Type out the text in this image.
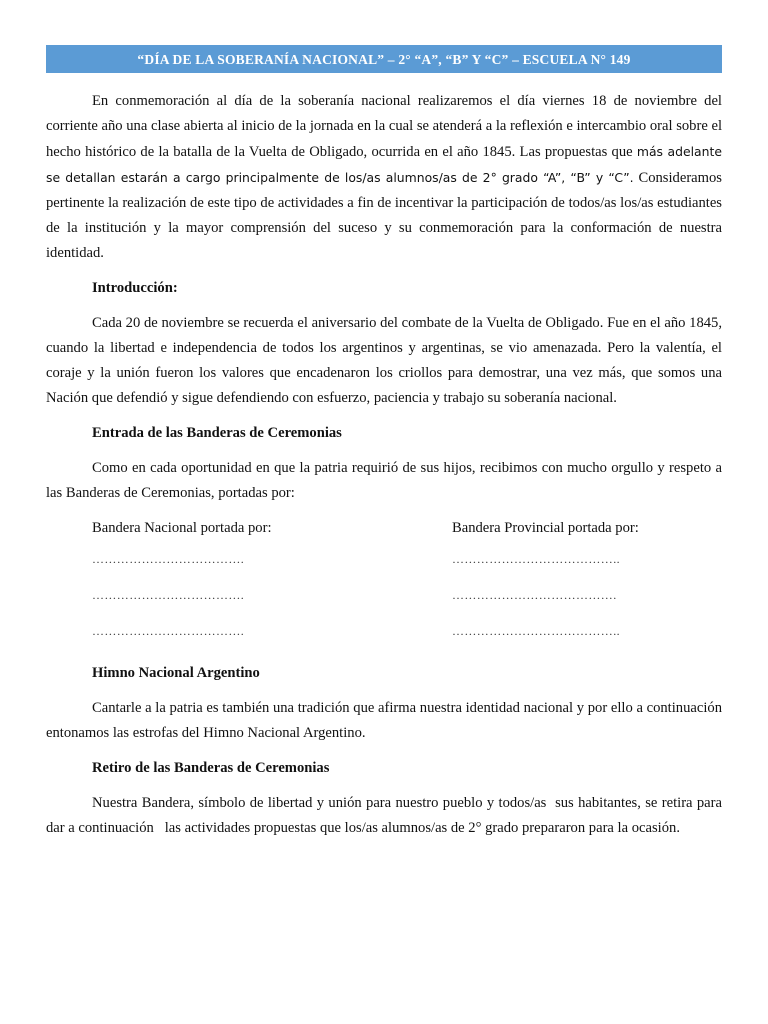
“DÍA DE LA SOBERANÍA NACIONAL” – 2° “A”, “B” Y “C” – ESCUELA N° 149

En conmemoración al día de la soberanía nacional realizaremos el día viernes 18 de noviembre del corriente año una clase abierta al inicio de la jornada en la cual se atenderá a la reflexión e intercambio oral sobre el hecho histórico de la batalla de la Vuelta de Obligado, ocurrida en el año 1845. Las propuestas que más adelante se detallan estarán a cargo principalmente de los/as alumnos/as de 2° grado “A”, “B” y “C”. Consideramos pertinente la realización de este tipo de actividades a fin de incentivar la participación de todos/as los/as estudiantes de la institución y la mayor comprensión del suceso y su conmemoración para la conformación de nuestra identidad.

Introducción:

Cada 20 de noviembre se recuerda el aniversario del combate de la Vuelta de Obligado. Fue en el año 1845, cuando la libertad e independencia de todos los argentinos y argentinas, se vio amenazada. Pero la valentía, el coraje y la unión fueron los valores que encadenaron los criollos para demostrar, una vez más, que somos una Nación que defendió y sigue defendiendo con esfuerzo, paciencia y trabajo su soberanía nacional.

Entrada de las Banderas de Ceremonias

Como en cada oportunidad en que la patria requirió de sus hijos, recibimos con mucho orgullo y respeto a las Banderas de Ceremonias, portadas por:

Bandera Nacional portada por:
……………………………….
……………………………….
……………………………….
Bandera Provincial portada por:
…………………………………..
………………………………….
…………………………………..
Himno Nacional Argentino

Cantarle a la patria es también una tradición que afirma nuestra identidad nacional y por ello a continuación entonamos las estrofas del Himno Nacional Argentino.

Retiro de las Banderas de Ceremonias

Nuestra Bandera, símbolo de libertad y unión para nuestro pueblo y todos/as  sus habitantes, se retira para dar a continuación   las actividades propuestas que los/as alumnos/as de 2° grado prepararon para la ocasión.
